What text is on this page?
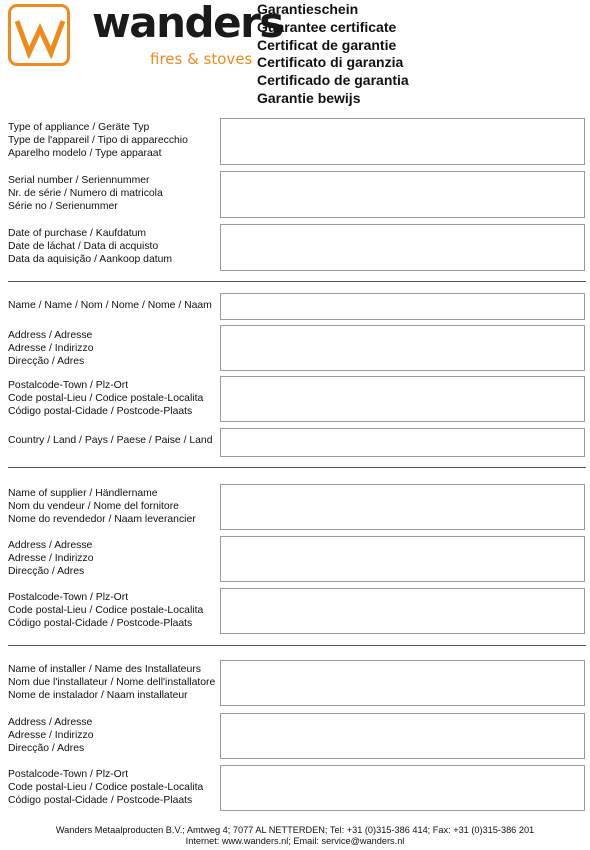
wanders
fires & stoves
Garantieschein
Guarantee certificate
Certificat de garantie
Certificato di garanzia
Certificado de garantia
Garantie bewijs
Type of appliance / Geräte Typ
Type de l'appareil / Tipo di apparecchio
Aparelho modelo / Type apparaat
Serial number / Seriennummer
Nr. de série / Numero di matricola
Série no / Serienummer
Date of purchase / Kaufdatum
Date de láchat / Data di acquisto
Data da aquisição / Aankoop datum
Name / Name / Nom / Nome / Nome / Naam
Address / Adresse
Adresse / Indirizzo
Direcção / Adres
Postalcode-Town / Plz-Ort
Code postal-Lieu / Codice postale-Localita
Código postal-Cidade / Postcode-Plaats
Country / Land / Pays / Paese / Paise / Land
Name of supplier / Händlername
Nom du vendeur / Nome del fornitore
Nome do revendedor / Naam leverancier
Address / Adresse
Adresse / Indirizzo
Direcção / Adres
Postalcode-Town / Plz-Ort
Code postal-Lieu / Codice postale-Localita
Código postal-Cidade / Postcode-Plaats
Name of installer / Name des Installateurs
Nom due l'installateur / Nome dell'installatore
Nome de instalador / Naam installateur
Address / Adresse
Adresse / Indirizzo
Direcção / Adres
Postalcode-Town / Plz-Ort
Code postal-Lieu / Codice postale-Localita
Código postal-Cidade / Postcode-Plaats
Wanders Metaalproducten B.V.; Amtweg 4; 7077 AL NETTERDEN; Tel: +31 (0)315-386 414; Fax: +31 (0)315-386 201
Internet: www.wanders.nl; Email: service@wanders.nl
